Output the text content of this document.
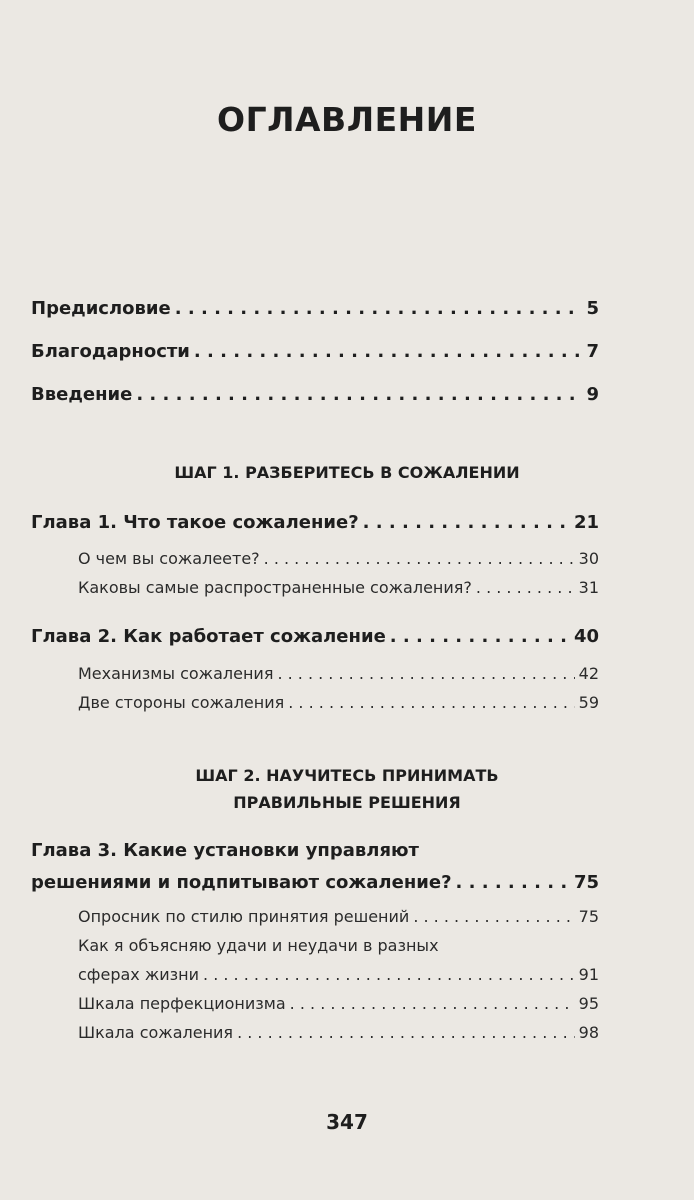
ОГЛАВЛЕНИЕ
Предисловие . . .	5
Благодарности . . .	7
Введение . . .	9
ШАГ 1. РАЗБЕРИТЕСЬ В СОЖАЛЕНИИ
Глава 1. Что такое сожаление? . . .	21
О чем вы сожалеете? . . .	30
Каковы самые распространенные сожаления? . . .	31
Глава 2. Как работает сожаление . . .	40
Механизмы сожаления . . .	42
Две стороны сожаления . . .	59
ШАГ 2. НАУЧИТЕСЬ ПРИНИМАТЬ
ПРАВИЛЬНЫЕ РЕШЕНИЯ
Глава 3. Какие установки управляют
решениями и подпитывают сожаление? . . .	75
Опросник по стилю принятия решений . . .	75
Как я объясняю удачи и неудачи в разных
сферах жизни . . .	91
Шкала перфекционизма . . .	95
Шкала сожаления . . .	98
347
